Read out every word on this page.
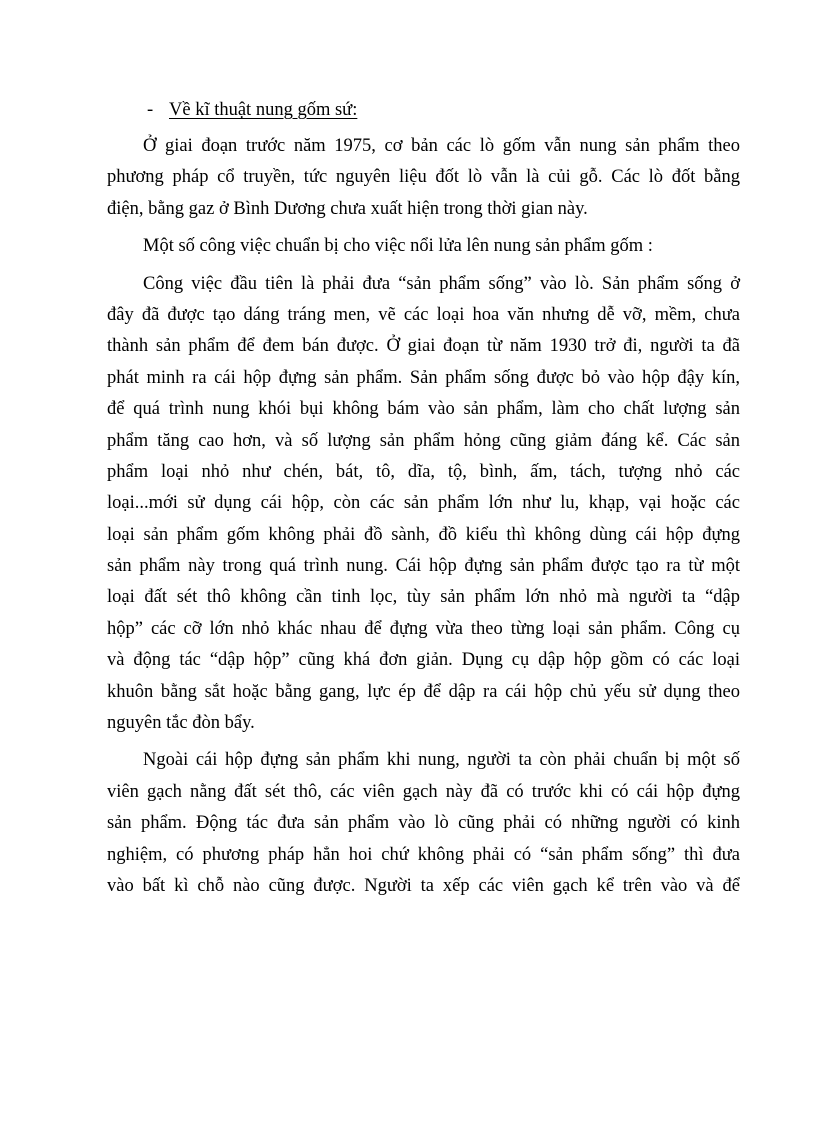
- Về kĩ thuật nung gốm sứ:
Ở giai đoạn trước năm 1975, cơ bản các lò gốm vẫn nung sản phẩm theo
phương pháp cổ truyền, tức nguyên liệu đốt lò vẫn là củi gỗ. Các lò đốt bằng
điện, bằng gaz ở Bình Dương chưa xuất hiện trong thời gian này.
Một số công việc chuẩn bị cho việc nổi lửa lên nung sản phẩm gốm :
Công việc đầu tiên là phải đưa “sản phẩm sống” vào lò. Sản phẩm sống ở
đây đã được tạo dáng tráng men, vẽ các loại hoa văn nhưng dễ vỡ, mềm, chưa
thành sản phẩm để đem bán được. Ở giai đoạn từ năm 1930 trở đi, người ta đã
phát minh ra cái hộp đựng sản phẩm. Sản phẩm sống được bỏ vào hộp đậy kín,
để quá trình nung khói bụi không bám vào sản phẩm, làm cho chất lượng sản
phẩm tăng cao hơn, và số lượng sản phẩm hỏng cũng giảm đáng kể. Các sản
phẩm loại nhỏ như chén, bát, tô, dĩa, tộ, bình, ấm, tách, tượng nhỏ các
loại...mới sử dụng cái hộp, còn các sản phẩm lớn như lu, khạp, vại hoặc các
loại sản phẩm gốm không phải đồ sành, đồ kiểu thì không dùng cái hộp đựng
sản phẩm này trong quá trình nung. Cái hộp đựng sản phẩm được tạo ra từ một
loại đất sét thô không cần tinh lọc, tùy sản phẩm lớn nhỏ mà người ta “dập
hộp” các cỡ lớn nhỏ khác nhau để đựng vừa theo từng loại sản phẩm. Công cụ
và động tác “dập hộp” cũng khá đơn giản. Dụng cụ dập hộp gồm có các loại
khuôn bằng sắt hoặc bằng gang, lực ép để dập ra cái hộp chủ yếu sử dụng theo
nguyên tắc đòn bẩy.
Ngoài cái hộp đựng sản phẩm khi nung, người ta còn phải chuẩn bị một số
viên gạch nằng đất sét thô, các viên gạch này đã có trước khi có cái hộp đựng
sản phẩm. Động tác đưa sản phẩm vào lò cũng phải có những người có kinh
nghiệm, có phương pháp hẳn hoi chứ không phải có “sản phẩm sống” thì đưa
vào bất kì chỗ nào cũng được. Người ta xếp các viên gạch kể trên vào và để
